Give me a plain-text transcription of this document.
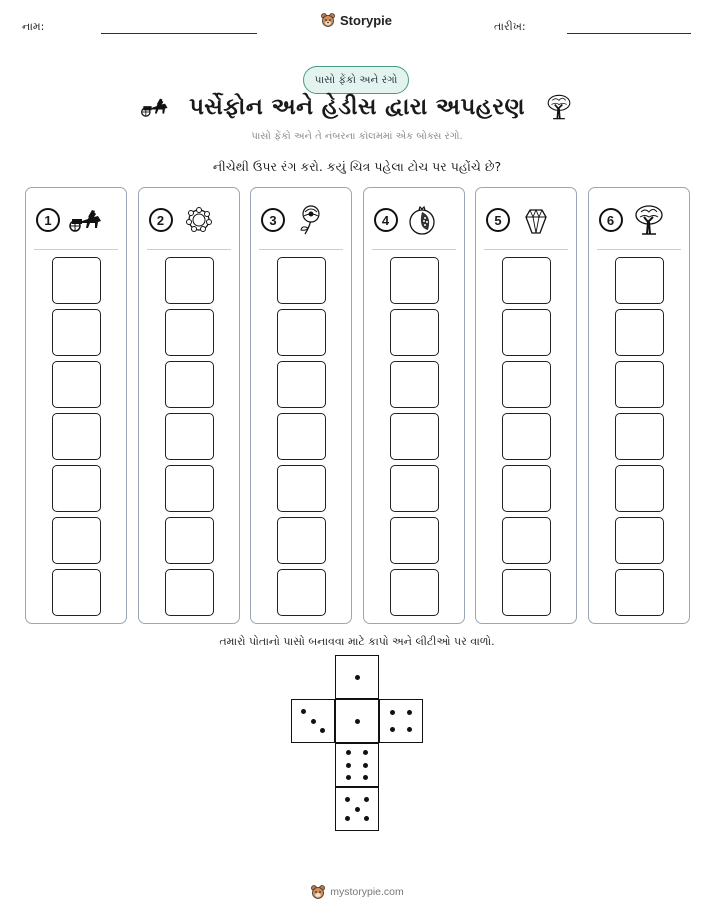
નામ:	Storypie	તારીખ:
પાસો ફેંકો અને રંગો
પર્સેફોન અને હેડીસ દ્વારા અપહરણ
પાસો ફેંકો અને તે નંબરના કૉલમમાં એક બોક્સ રંગો.
નીચેથી ઉપર રંગ કરો. કયું ચિત્ર પહેલા ટોચ પર પહોંચે છે?
1	2	3	4	5	6
તમારો પોતાનો પાસો બનાવવા માટે કાપો અને લીટીઓ પર વાળો.
mystorypie.com
